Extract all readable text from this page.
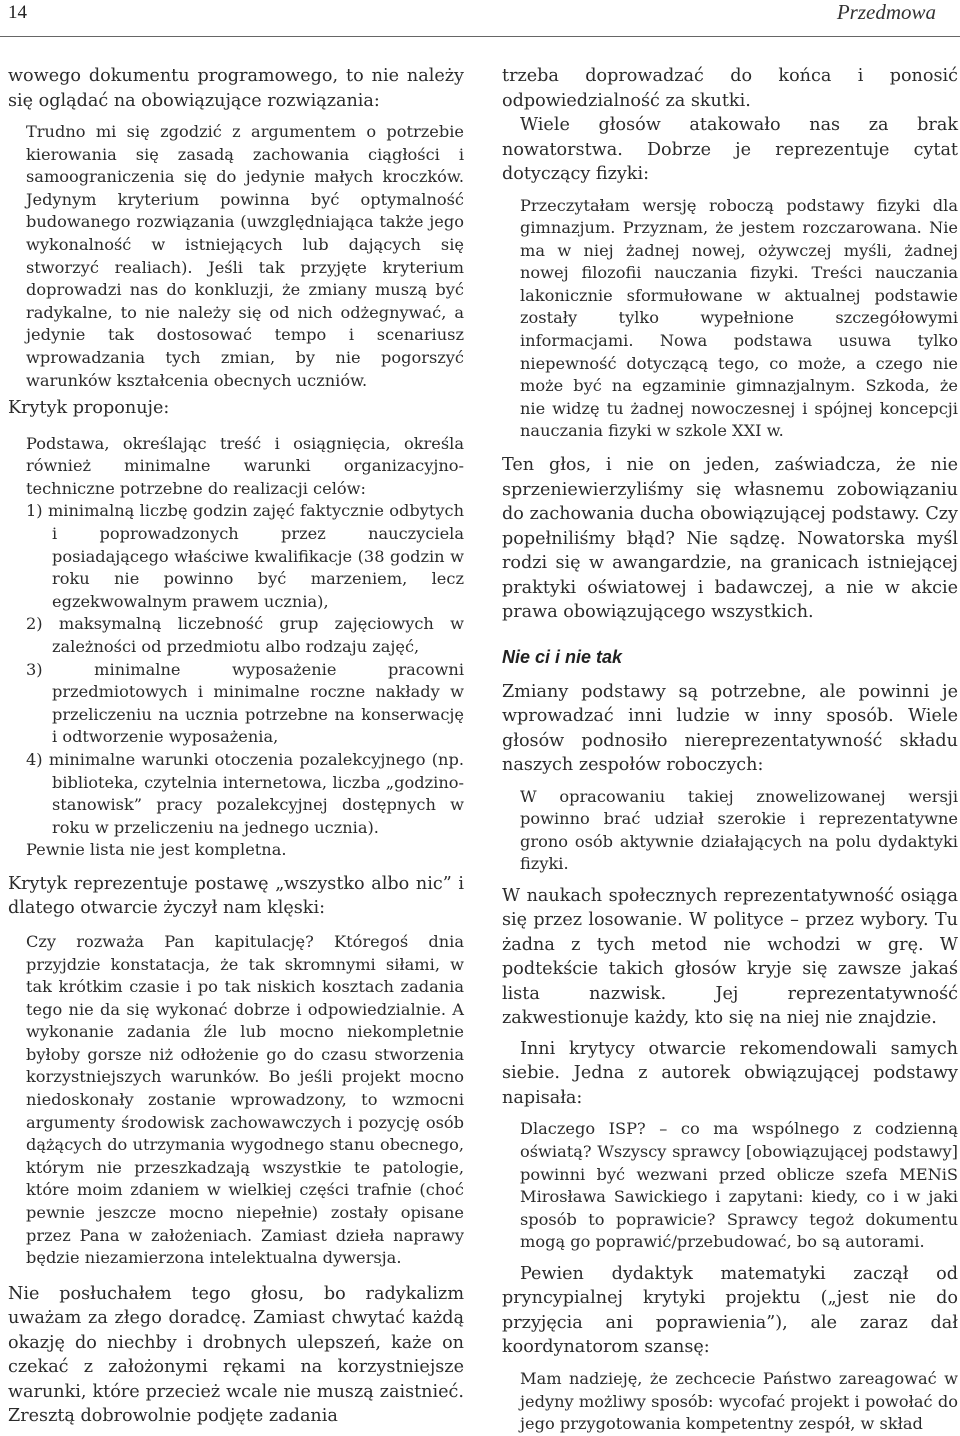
14	Przedmowa

wowego dokumentu programowego, to nie należy się oglądać na obowiązujące rozwiązania:

Trudno mi się zgodzić z argumentem o potrzebie kierowania się zasadą zachowania ciągłości i samoograniczenia się do jedynie małych kroczków. Jedynym kryterium powinna być optymalność budowanego rozwiązania (uwzględniająca także jego wykonalność w istniejących lub dających się stworzyć realiach). Jeśli tak przyjęte kryterium doprowadzi nas do konkluzji, że zmiany muszą być radykalne, to nie należy się od nich odżegnywać, a jedynie tak dostosować tempo i scenariusz wprowadzania tych zmian, by nie pogorszyć warunków kształcenia obecnych uczniów.

Krytyk proponuje:

Podstawa, określając treść i osiągnięcia, określa również minimalne warunki organizacyjno-techniczne potrzebne do realizacji celów:

1) minimalną liczbę godzin zajęć faktycznie odbytych i poprowadzonych przez nauczyciela posiadającego właściwe kwalifikacje (38 godzin w roku nie powinno być marzeniem, lecz egzekwowalnym prawem ucznia),

2) maksymalną liczebność grup zajęciowych w zależności od przedmiotu albo rodzaju zajęć,

3) minimalne wyposażenie pracowni przedmiotowych i minimalne roczne nakłady w przeliczeniu na ucznia potrzebne na konserwację i odtworzenie wyposażenia,

4) minimalne warunki otoczenia pozalekcyjnego (np. biblioteka, czytelnia internetowa, liczba „godzino-stanowisk” pracy pozalekcyjnej dostępnych w roku w przeliczeniu na jednego ucznia).

Pewnie lista nie jest kompletna.

Krytyk reprezentuje postawę „wszystko albo nic” i dlatego otwarcie życzył nam klęski:

Czy rozważa Pan kapitulację? Któregoś dnia przyjdzie konstatacja, że tak skromnymi siłami, w tak krótkim czasie i po tak niskich kosztach zadania tego nie da się wykonać dobrze i odpowiedzialnie. A wykonanie zadania źle lub mocno niekompletnie byłoby gorsze niż odłożenie go do czasu stworzenia korzystniejszych warunków. Bo jeśli projekt mocno niedoskonały zostanie wprowadzony, to wzmocni argumenty środowisk zachowawczych i pozycję osób dążących do utrzymania wygodnego stanu obecnego, którym nie przeszkadzają wszystkie te patologie, które moim zdaniem w wielkiej części trafnie (choć pewnie jeszcze mocno niepełnie) zostały opisane przez Pana w założeniach. Zamiast dzieła naprawy będzie niezamierzona intelektualna dywersja.

Nie posłuchałem tego głosu, bo radykalizm uważam za złego doradcę. Zamiast chwytać każdą okazję do niechby i drobnych ulepszeń, każe on czekać z założonymi rękami na korzystniejsze warunki, które przecież wcale nie muszą zaistnieć. Zresztą dobrowolnie podjęte zadania

trzeba doprowadzać do końca i ponosić odpowiedzialność za skutki.

Wiele głosów atakowało nas za brak nowatorstwa. Dobrze je reprezentuje cytat dotyczący fizyki:

Przeczytałam wersję roboczą podstawy fizyki dla gimnazjum. Przyznam, że jestem rozczarowana. Nie ma w niej żadnej nowej, ożywczej myśli, żadnej nowej filozofii nauczania fizyki. Treści nauczania lakonicznie sformułowane w aktualnej podstawie zostały tylko wypełnione szczegółowymi informacjami. Nowa podstawa usuwa tylko niepewność dotyczącą tego, co może, a czego nie może być na egzaminie gimnazjalnym. Szkoda, że nie widzę tu żadnej nowoczesnej i spójnej koncepcji nauczania fizyki w szkole XXI w.

Ten głos, i nie on jeden, zaświadcza, że nie sprzeniewierzyliśmy się własnemu zobowiązaniu do zachowania ducha obowiązującej podstawy. Czy popełniliśmy błąd? Nie sądzę. Nowatorska myśl rodzi się w awangardzie, na granicach istniejącej praktyki oświatowej i badawczej, a nie w akcie prawa obowiązującego wszystkich.

Nie ci i nie tak

Zmiany podstawy są potrzebne, ale powinni je wprowadzać inni ludzie w inny sposób. Wiele głosów podnosiło niereprezentatywność składu naszych zespołów roboczych:

W opracowaniu takiej znowelizowanej wersji powinno brać udział szerokie i reprezentatywne grono osób aktywnie działających na polu dydaktyki fizyki.

W naukach społecznych reprezentatywność osiąga się przez losowanie. W polityce – przez wybory. Tu żadna z tych metod nie wchodzi w grę. W podtekście takich głosów kryje się zawsze jakaś lista nazwisk. Jej reprezentatywność zakwestionuje każdy, kto się na niej nie znajdzie.

Inni krytycy otwarcie rekomendowali samych siebie. Jedna z autorek obwiązującej podstawy napisała:

Dlaczego ISP? – co ma wspólnego z codzienną oświatą? Wszyscy sprawcy [obowiązującej podstawy] powinni być wezwani przed oblicze szefa MENiS Mirosława Sawickiego i zapytani: kiedy, co i w jaki sposób to poprawicie? Sprawcy tegoż dokumentu mogą go poprawić/przebudować, bo są autorami.

Pewien dydaktyk matematyki zaczął od pryncypialnej krytyki projektu („jest nie do przyjęcia ani poprawienia”), ale zaraz dał koordynatorom szansę:

Mam nadzieję, że zechcecie Państwo zareagować w jedyny możliwy sposób: wycofać projekt i powołać do jego przygotowania kompetentny zespół, w skład
